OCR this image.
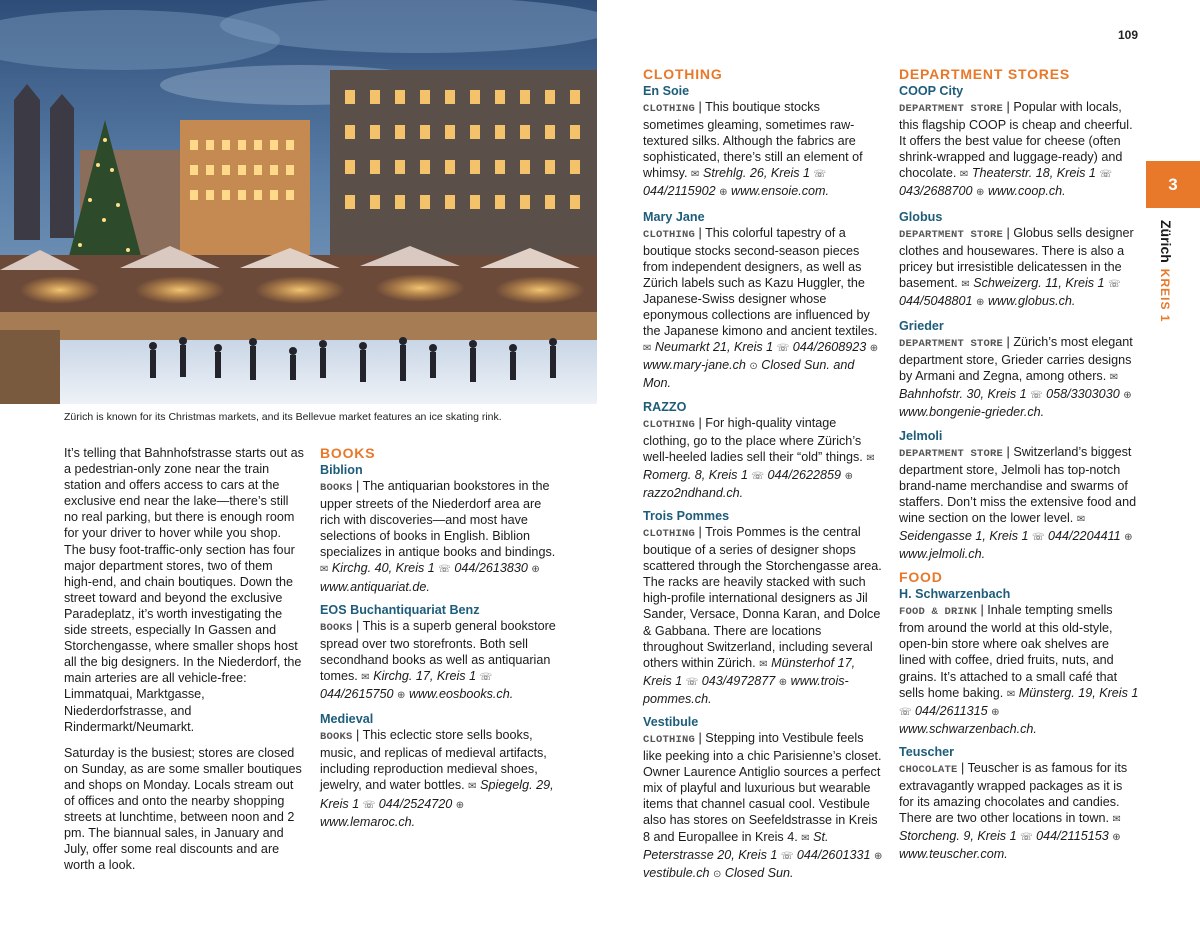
Zürich is known for its Christmas markets, and its Bellevue market features an ice skating rink.
109
3
ZürichKREIS 1

It’s telling that Bahnhofstrasse starts out as a pedestrian-only zone near the train station and offers access to cars at the exclusive end near the lake—there’s still no real parking, but there is enough room for your driver to hover while you shop. The busy foot-traffic-only section has four major department stores, two of them high-end, and chain boutiques. Down the street toward and beyond the exclusive Paradeplatz, it’s worth investigating the side streets, especially In Gassen and Storchengasse, where smaller shops host all the big designers. In the Niederdorf, the main arteries are all vehicle-free: Limmatquai, Marktgasse, Niederdorfstrasse, and Rindermarkt/Neumarkt.

Saturday is the busiest; stores are closed on Sunday, as are some smaller boutiques and shops on Monday. Locals stream out of offices and onto the nearby shopping streets at lunchtime, between noon and 2 pm. The biannual sales, in January and July, offer some real discounts and are worth a look.

BOOKS
Biblion
BOOKS | The antiquarian bookstores in the upper streets of the Niederdorf area are rich with discoveries—and most have selections of books in English. Biblion specializes in antique books and bindings. ✉ Kirchg. 40, Kreis 1 ☏ 044/2613830 ⊕ www.antiquariat.de.
EOS Buchantiquariat Benz
BOOKS | This is a superb general bookstore spread over two storefronts. Both sell secondhand books as well as antiquarian tomes. ✉ Kirchg. 17, Kreis 1 ☏ 044/2615750 ⊕ www.eosbooks.ch.
Medieval
BOOKS | This eclectic store sells books, music, and replicas of medieval artifacts, including reproduction medieval shoes, jewelry, and water bottles. ✉ Spiegelg. 29, Kreis 1 ☏ 044/2524720 ⊕ www.lemaroc.ch.
CLOTHING
En Soie
CLOTHING | This boutique stocks sometimes gleaming, sometimes raw-textured silks. Although the fabrics are sophisticated, there’s still an element of whimsy. ✉ Strehlg. 26, Kreis 1 ☏ 044/2115902 ⊕ www.ensoie.com.
Mary Jane
CLOTHING | This colorful tapestry of a boutique stocks second-season pieces from independent designers, as well as Zürich labels such as Kazu Huggler, the Japanese-Swiss designer whose eponymous collections are influenced by the Japanese kimono and ancient textiles. ✉ Neumarkt 21, Kreis 1 ☏ 044/2608923 ⊕ www.mary-jane.ch ⊙ Closed Sun. and Mon.
RAZZO
CLOTHING | For high-quality vintage clothing, go to the place where Zürich’s well-heeled ladies sell their “old” things. ✉ Romerg. 8, Kreis 1 ☏ 044/2622859 ⊕ razzo2ndhand.ch.
Trois Pommes
CLOTHING | Trois Pommes is the central boutique of a series of designer shops scattered through the Storchengasse area. The racks are heavily stacked with such high-profile international designers as Jil Sander, Versace, Donna Karan, and Dolce & Gabbana. There are locations throughout Switzerland, including several others within Zürich. ✉ Münsterhof 17, Kreis 1 ☏ 043/4972877 ⊕ www.trois-pommes.ch.
Vestibule
CLOTHING | Stepping into Vestibule feels like peeking into a chic Parisienne’s closet. Owner Laurence Antiglio sources a perfect mix of playful and luxurious but wearable items that channel casual cool. Vestibule also has stores on Seefeldstrasse in Kreis 8 and Europallee in Kreis 4. ✉ St. Peterstrasse 20, Kreis 1 ☏ 044/2601331 ⊕ vestibule.ch ⊙ Closed Sun.
DEPARTMENT STORES
COOP City
DEPARTMENT STORE | Popular with locals, this flagship COOP is cheap and cheerful. It offers the best value for cheese (often shrink-wrapped and luggage-ready) and chocolate. ✉ Theaterstr. 18, Kreis 1 ☏ 043/2688700 ⊕ www.coop.ch.
Globus
DEPARTMENT STORE | Globus sells designer clothes and housewares. There is also a pricey but irresistible delicatessen in the basement. ✉ Schweizerg. 11, Kreis 1 ☏ 044/5048801 ⊕ www.globus.ch.
Grieder
DEPARTMENT STORE | Zürich’s most elegant department store, Grieder carries designs by Armani and Zegna, among others. ✉ Bahnhofstr. 30, Kreis 1 ☏ 058/3303030 ⊕ www.bongenie-grieder.ch.
Jelmoli
DEPARTMENT STORE | Switzerland’s biggest department store, Jelmoli has top-notch brand-name merchandise and swarms of staffers. Don’t miss the extensive food and wine section on the lower level. ✉ Seidengasse 1, Kreis 1 ☏ 044/2204411 ⊕ www.jelmoli.ch.
FOOD
H. Schwarzenbach
FOOD & DRINK | Inhale tempting smells from around the world at this old-style, open-bin store where oak shelves are lined with coffee, dried fruits, nuts, and grains. It’s attached to a small café that sells home baking. ✉ Münsterg. 19, Kreis 1 ☏ 044/2611315 ⊕ www.schwarzenbach.ch.
Teuscher
CHOCOLATE | Teuscher is as famous for its extravagantly wrapped packages as it is for its amazing chocolates and candies. There are two other locations in town. ✉ Storcheng. 9, Kreis 1 ☏ 044/2115153 ⊕ www.teuscher.com.
